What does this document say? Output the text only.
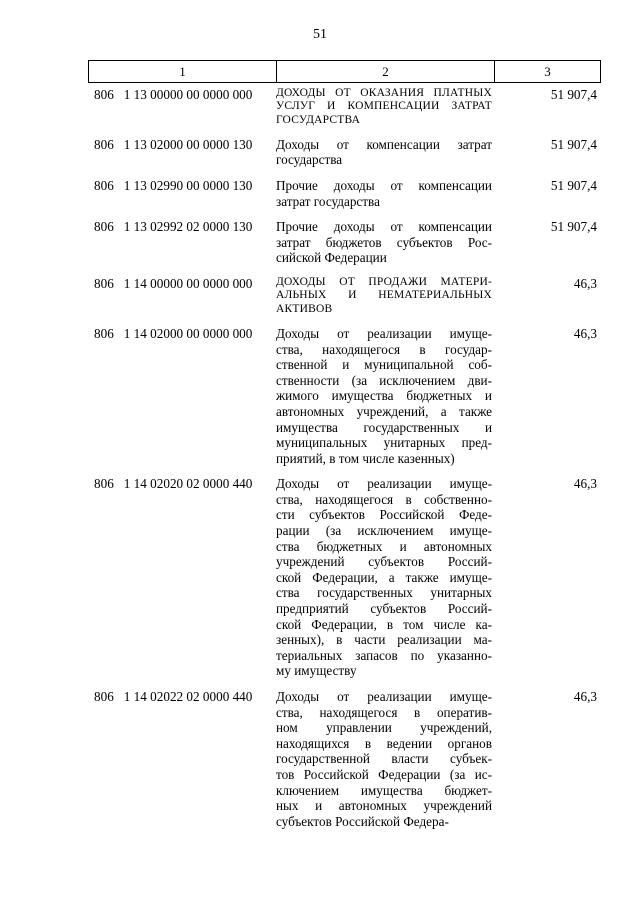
51
1	2	3
806 1 13 00000 00 0000 000	ДОХОДЫ ОТ ОКАЗАНИЯ ПЛАТНЫХ
УСЛУГ И КОМПЕНСАЦИИ ЗАТРАТ
ГОСУДАРСТВА
51 907,4
806 1 13 02000 00 0000 130	Доходы от компенсации затрат
государства
51 907,4
806 1 13 02990 00 0000 130	Прочие доходы от компенсации
затрат государства
51 907,4
806 1 13 02992 02 0000 130	Прочие доходы от компенсации
затрат бюджетов субъектов Рос-
сийской Федерации
51 907,4
806 1 14 00000 00 0000 000	ДОХОДЫ ОТ ПРОДАЖИ МАТЕРИ-
АЛЬНЫХ И НЕМАТЕРИАЛЬНЫХ
АКТИВОВ
46,3
806 1 14 02000 00 0000 000	Доходы от реализации имуще-
ства, находящегося в государ-
ственной и муниципальной соб-
ственности (за исключением дви-
жимого имущества бюджетных и
автономных учреждений, а также
имущества государственных и
муниципальных унитарных пред-
приятий, в том числе казенных)
46,3
806 1 14 02020 02 0000 440	Доходы от реализации имуще-
ства, находящегося в собственно-
сти субъектов Российской Феде-
рации (за исключением имуще-
ства бюджетных и автономных
учреждений субъектов Россий-
ской Федерации, а также имуще-
ства государственных унитарных
предприятий субъектов Россий-
ской Федерации, в том числе ка-
зенных), в части реализации ма-
териальных запасов по указанно-
му имуществу
46,3
806 1 14 02022 02 0000 440	Доходы от реализации имуще-
ства, находящегося в оператив-
ном управлении учреждений,
находящихся в ведении органов
государственной власти субъек-
тов Российской Федерации (за ис-
ключением имущества бюджет-
ных и автономных учреждений
субъектов Российской Федера-
46,3
